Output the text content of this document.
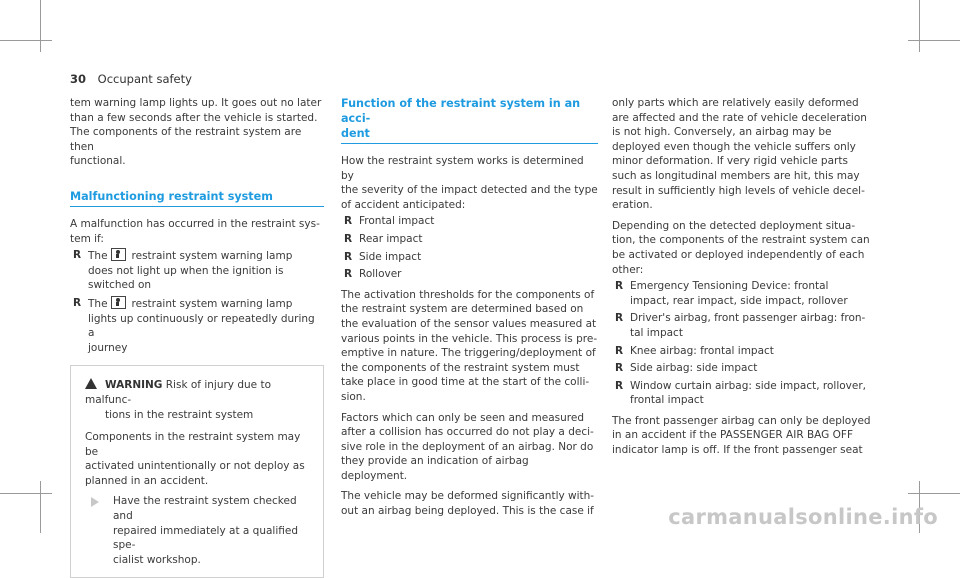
30 Occupant safety

tem warning lamp lights up. It goes out no later
than a few seconds after the vehicle is started.
The components of the restraint system are then
functional.

Malfunctioning restraint system

A malfunction has occurred in the restraint sys-
tem if:

R The restraint system warning lamp
does not light up when the ignition is
switched on
R The restraint system warning lamp
lights up continuously or repeatedly during a
journey
WARNING Risk of injury due to malfunc-
tions in the restraint system

Components in the restraint system may be
activated unintentionally or not deploy as
planned in an accident.

Have the restraint system checked and
repaired immediately at a qualified spe-
cialist workshop.
Function of the restraint system in an acci-
dent

How the restraint system works is determined by
the severity of the impact detected and the type
of accident anticipated:

R Frontal impact
R Rear impact
R Side impact
R Rollover

The activation thresholds for the components of
the restraint system are determined based on
the evaluation of the sensor values measured at
various points in the vehicle. This process is pre-
emptive in nature. The triggering/deployment of
the components of the restraint system must
take place in good time at the start of the colli-
sion.

Factors which can only be seen and measured
after a collision has occurred do not play a deci-
sive role in the deployment of an airbag. Nor do
they provide an indication of airbag deployment.

The vehicle may be deformed significantly with-
out an airbag being deployed. This is the case if

only parts which are relatively easily deformed
are affected and the rate of vehicle deceleration
is not high. Conversely, an airbag may be
deployed even though the vehicle suffers only
minor deformation. If very rigid vehicle parts
such as longitudinal members are hit, this may
result in sufficiently high levels of vehicle decel-
eration.

Depending on the detected deployment situa-
tion, the components of the restraint system can
be activated or deployed independently of each
other:

R Emergency Tensioning Device: frontal
impact, rear impact, side impact, rollover
R Driver's airbag, front passenger airbag: fron-
tal impact
R Knee airbag: frontal impact
R Side airbag: side impact
R Window curtain airbag: side impact, rollover,
frontal impact

The front passenger airbag can only be deployed
in an accident if the PASSENGER AIR BAG OFF
indicator lamp is off. If the front passenger seat

carmanualsonline.info
